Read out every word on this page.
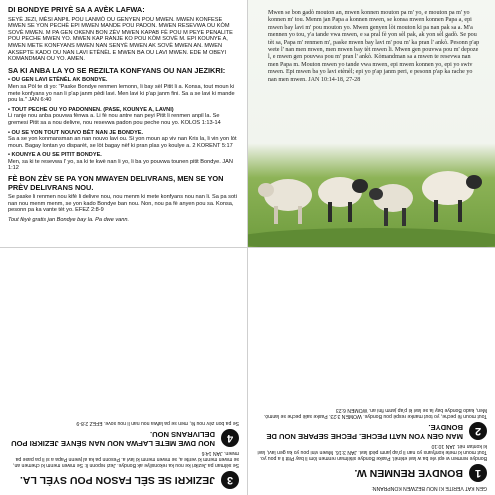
DI BONDYE PRIYÈ SA A AVÈK LAFWA:

SEYÈ JEZI, MÈSI ANPIL POU LANMÒ OU GENYEN POU MWEN. MWEN KONFESE MWEN SE YON PECHÈ EPI MWEN MANDE POU PADON. MWEN RESEVWA OU KÒM SOVÈ MWEN. M PA GEN OKENN BON ZÈV MWEN KAPAB FÈ POU M PEYE PENALITE POU PECHE MWEN YO. MWEN KAP RANJE KO POU KÒM SOVÈ M. EPI KOUNYE A, MWEN METE KONFYANS MWEN NAN SENYÈ MWEN AK SOVÈ MWEN AN. MWEN AKSEPTE KADO OU NAN LAVI ETÈNÈL E MWEN BA OU LAVI MWEN. EDE M OBEYI KOMANDMAN OU YO. AMEN.

SA KI ANBA LA YO SE REZILTA KONFYANS OU NAN JEZIKRI:

• OU GEN LAVI ETÈNÈL AK BONDYE.

Men sa Pòl te di yo: "Paske Bondye renmen lemonn, li bay sèl Pitit li a. Konsa, tout moun ki mete konfyans yo nan li p'ap janm pèdi lavi. Men lavi ki p'ap janm fini. Sa a se lavi ki mande pou la." JAN 6:40

• TOUT PECHE OU YO PADONNEN. (PASE, KOUNYE A, LAVNI)

Li ranje nou anba pouvwa fènwa a. Li fè nou antre nan peyi Pitit li renmen anpil la. Se gremesi Pitit sa a nou delivre, nou resevwa padon pou peche nou yo. KOLOS 1:13-14

• OU SE YON TOUT NOUVO BÈT NAN JE BONDYE.

Sa a se yon konmansman an nan nouvo lavi ou. Si yon moun ap viv nan Kris la, li vin yon lòt moun. Bagay lontan yo disparèt, se lòt bagay nèf ki pran plas yo koulye a. 2 KORENT 5:17

• KOUNYE A OU SE PITIT BONDYE.

Men, sa ki te resevwa l' yo, sa ki te kwè nan li yo, li ba yo pouvwa tounen pitit Bondye. JAN 1:12

FÈ BON ZÈV SE PA YON MWAYEN DELIVRANS, MEN SE YON PRÈV DELIVRANS NOU.

Se paske li renmen nou kifè li delivre nou, nou menm ki mete konfyans nou nan li. Sa pa soti nan nou menm menm, se yon kado Bondye ban nou. Non, nou pa fè anyen pou sa. Konsa, pesonn pa ka vante tèt yo. EFEZ 2:8-9

Tout fèyè gratis jan Bondye bay la. Pa dwe vann.

Mwen se bon gadò mouton an, mwen konnen mouton pa m' yo, e mouton pa m' yo konnen m' tou. Menm jan Papa a konnen mwen, se konsa mwen konnen Papa a, epi mwen bay lavi m' pou mouton yo. Mwen genyen lòt mouton ki pa nan pak sa a. M'a mennen yo tou, y'a tande vwa mwen, e sa pral fè yon sèl pak, ak yon sèl gadò. Se pou tèt sa, Papa m' renmen m', paske mwen bay lavi m' pou m' ka pran l' ankò. Pesonn p'ap wete l' nan men mwen, men mwen bay tèt mwen li. Mwen gen pouvwa pou m' depoze l, e mwen gen pouvwa pou m' pran l' ankò. Kòmandman sa a mwen te resevwa nan men Papa m. Mouton mwen yo tande vwa mwen, epi mwen konnen yo, epi yo swiv mwen. Epi mwen ba yo lavi etènèl; epi yo p'ap janm peri, e pesonn p'ap ka rache yo nan men mwen. JAN 10:14-18, 27-28

3
JEZIKRI SE SÈL FASON POU SYÈL LA.

Se sèlman pa Jezikri ke nou ka rekonsilye ak Bondye. Jezi reponn li: Se mwen menm ki chemen an, se mwen menm ki verite a, se mwen menm ki lavi a. Pesonn pa ka al jwenn Papa a si li pa pase pa mwen. JAN 14:6

4
NOU DWE METE LAFWA NOU NAN SÈNYE JEZIKRI POU DELIVRANS NOU.

Se pa bon zèv nou fè, men se pa lafwa nou nan li nou sove. EFEZ 2:8-9

GEN KAT VERITE KI NOU BEZWEN KONPRANN:

1
BONDYE RENMEN W.

Bondye renmen w epi vle ba w lavi etènèl. Paske Bondye sitèlman renmen lòm li bay Pitit li a pou yo. Tout moun ki mete konfyans yo nan li p'ap janm pèdi lavi. JAN 3:16. Mwen vini pou yo ka gen lavi, lavi ki kontan nèt. JAN 10:10

2
MAN GEN YON NATI PECHE. PECHE SEPARE NOU DE BONDYE.

Tout moun fè peche, yo tout manke respè pou Bondye. WOMEN 3:23. Paske salè peche se lanmò. Men, kado Bondye bay la se lavi ki p'ap janm fini an. WOMEN 6:23
